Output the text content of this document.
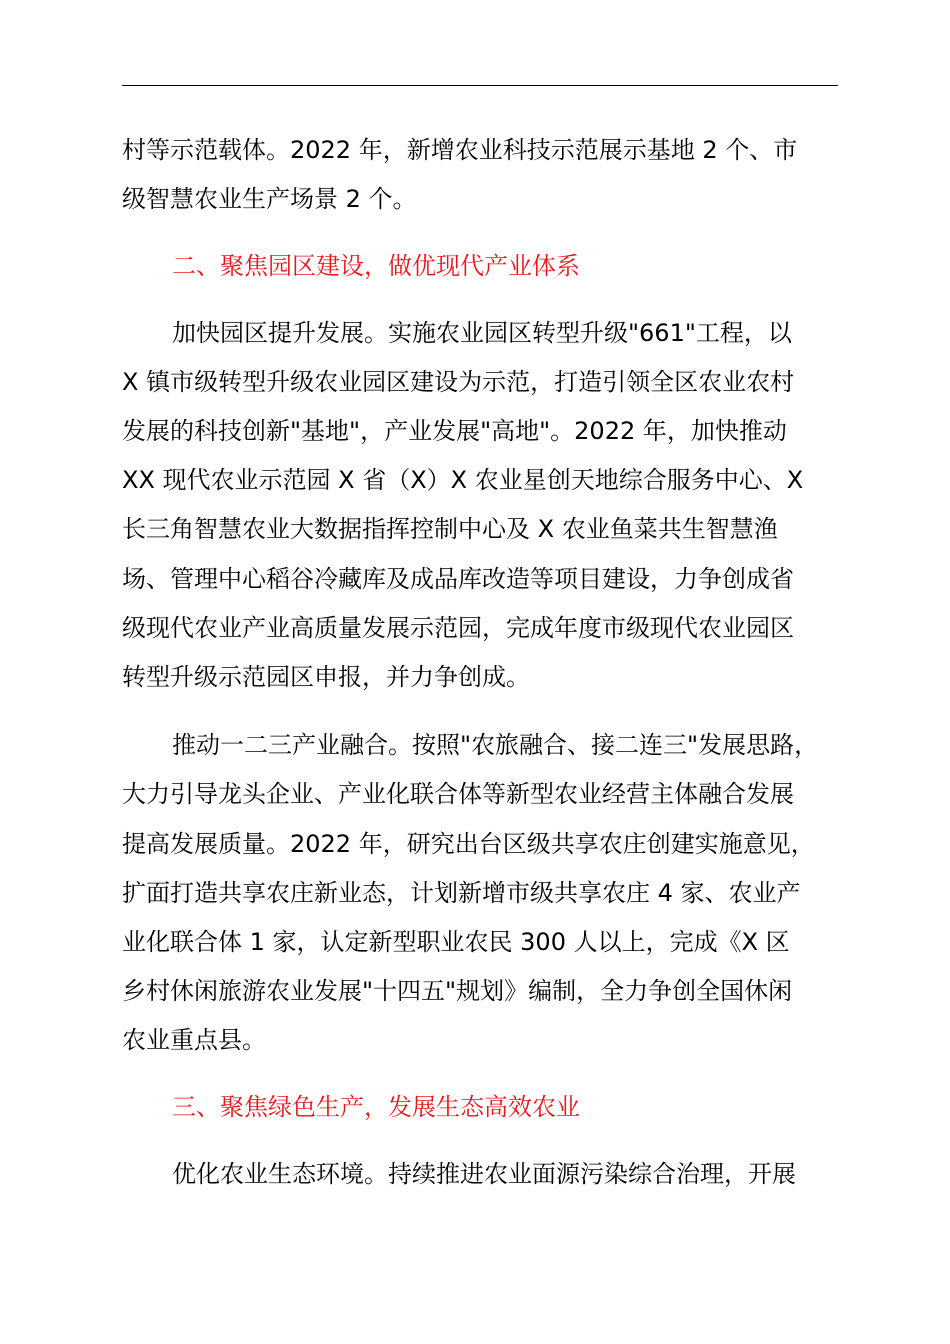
村等示范载体。2022 年，新增农业科技示范展示基地 2 个、市
级智慧农业生产场景 2 个。
二、聚焦园区建设，做优现代产业体系
加快园区提升发展。实施农业园区转型升级"661"工程，以
X 镇市级转型升级农业园区建设为示范，打造引领全区农业农村
发展的科技创新"基地"，产业发展"高地"。2022 年，加快推动
XX 现代农业示范园 X 省（X）X 农业星创天地综合服务中心、X
长三角智慧农业大数据指挥控制中心及 X 农业鱼菜共生智慧渔
场、管理中心稻谷冷藏库及成品库改造等项目建设，力争创成省
级现代农业产业高质量发展示范园，完成年度市级现代农业园区
转型升级示范园区申报，并力争创成。
推动一二三产业融合。按照"农旅融合、接二连三"发展思路，
大力引导龙头企业、产业化联合体等新型农业经营主体融合发展
提高发展质量。2022 年，研究出台区级共享农庄创建实施意见，
扩面打造共享农庄新业态，计划新增市级共享农庄 4 家、农业产
业化联合体 1 家，认定新型职业农民 300 人以上，完成《X 区
乡村休闲旅游农业发展"十四五"规划》编制，全力争创全国休闲
农业重点县。
三、聚焦绿色生产，发展生态高效农业
优化农业生态环境。持续推进农业面源污染综合治理，开展
